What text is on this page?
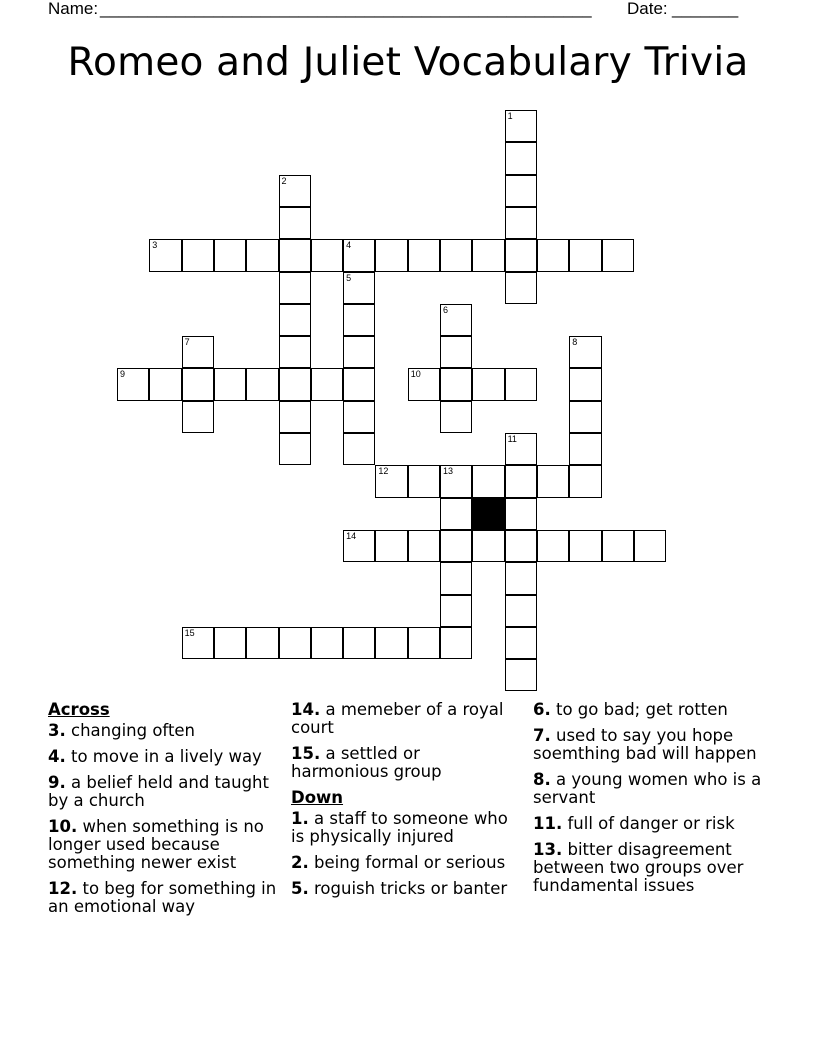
Name:
____________________________________________________ Date: _______
Romeo and Juliet Vocabulary Trivia
1
2
3	4
5
6
7	8
9	10
11
12	13
14
15
Across
3. changing often
4. to move in a lively way
9. a belief held and taught by a church
10. when something is no longer used because something newer exist
12. to beg for something in an emotional way
14. a memeber of a royal court
15. a settled or harmonious group
Down
1. a staff to someone who is physically injured
2. being formal or serious
5. roguish tricks or banter
6. to go bad; get rotten
7. used to say you hope soemthing bad will happen
8. a young women who is a servant
11. full of danger or risk
13. bitter disagreement between two groups over fundamental issues
